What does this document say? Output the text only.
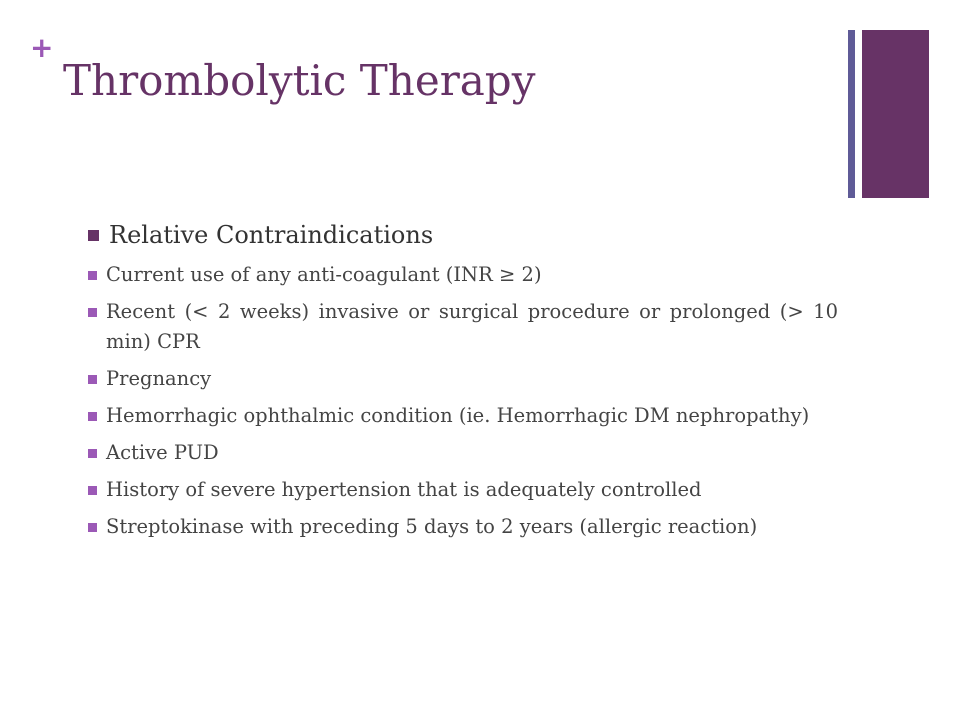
+
Thrombolytic Therapy
Relative Contraindications
Current use of any anti-coagulant (INR ≥ 2)
Recent (< 2 weeks) invasive or surgical procedure or prolonged (> 10 min) CPR
Pregnancy
Hemorrhagic ophthalmic condition (ie. Hemorrhagic DM nephropathy)
Active PUD
History of severe hypertension that is adequately controlled
Streptokinase with preceding 5 days to 2 years (allergic reaction)
